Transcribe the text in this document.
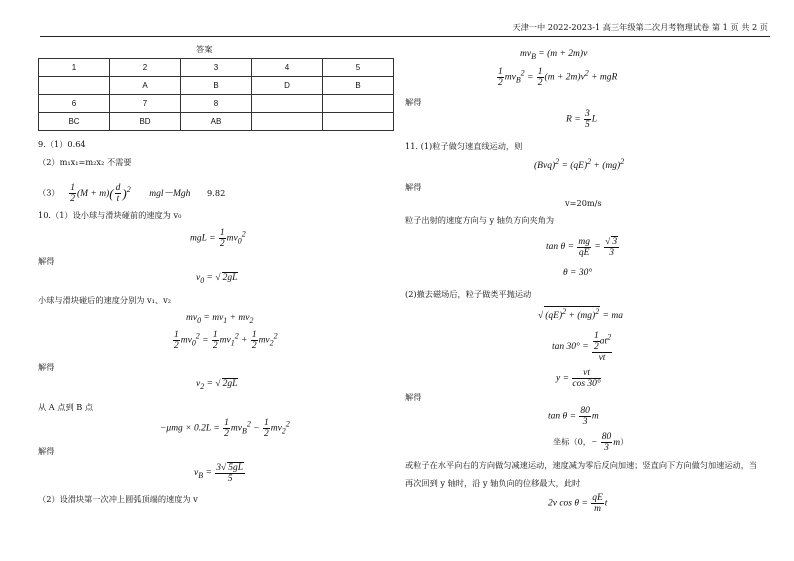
天津一中 2022-2023-1 高三年级第二次月考物理试卷 第 1 页 共 2 页
答案
1	2	3	4	5
	A	B	D	B
6	7	8		
BC	BD	AB		
9.（1）0.64
（2）m₁x₁=m₂x₂ 不需要
$(3) \frac{1}{2} (M + m)( \frac{d}{t} )^2$ mgl－Mgh 9.82
10.（1）设小球与滑块碰前的速度为 v₀
mgL = $\frac{1}{2} mv_0^2$
解得
$v_0$ = √ 2gL
小球与滑块碰后的速度分别为 v₁、v₂
$mv_0 = mv_1 + mv_2$
$\frac{1}{2} mv_0^2 = \frac{1}{2} mv_1^2 + \frac{1}{2} mv_2^2$
解得
$v_2$ = √ 2gL
从 A 点到 B 点
$-\mu mg \times 0.2L = \frac{1}{2} mv_B^2 - \frac{1}{2} mv_2^2$
解得
$v_B = \frac{3√ 5gL}{5}$
（2）设滑块第一次冲上圆弧顶端的速度为 v
$mv_B = (m + 2m)v$
$\frac{1}{2} mv_B^2 = \frac{1}{2} (m + 2m)v^2$ + mgR
解得
$R = \frac{3}{5}$ L
11. (1)粒子做匀速直线运动，则
(Bvq)$^2$ = (qE)$^2$ + (mg)$^2$
解得
v=20m/s
粒子出射的速度方向与 y 轴负方向夹角为
$\tan \theta = \frac{mg}{qE} = \frac{√ 3}{3}$
θ = 30°
(2)撤去磁场后，粒子做类平抛运动
√ (qE)$^2$ + (mg)$^2$ = ma
$\tan 30^\circ = \frac{\frac{1}{2} at^2}{vt}$
$y = \frac{vt}{\cos 30^\circ}$
解得
$\tan \theta = \frac{80}{3}$ m
坐标（0，− $\frac{80}{3} m$）
或粒子在水平向右的方向做匀减速运动，速度减为零后反向加速；竖直向下方向做匀加速运动，当
再次回到 y 轴时，沿 y 轴负向的位移最大，此时
2v $\cos \theta = \frac{qE}{m}$ t
